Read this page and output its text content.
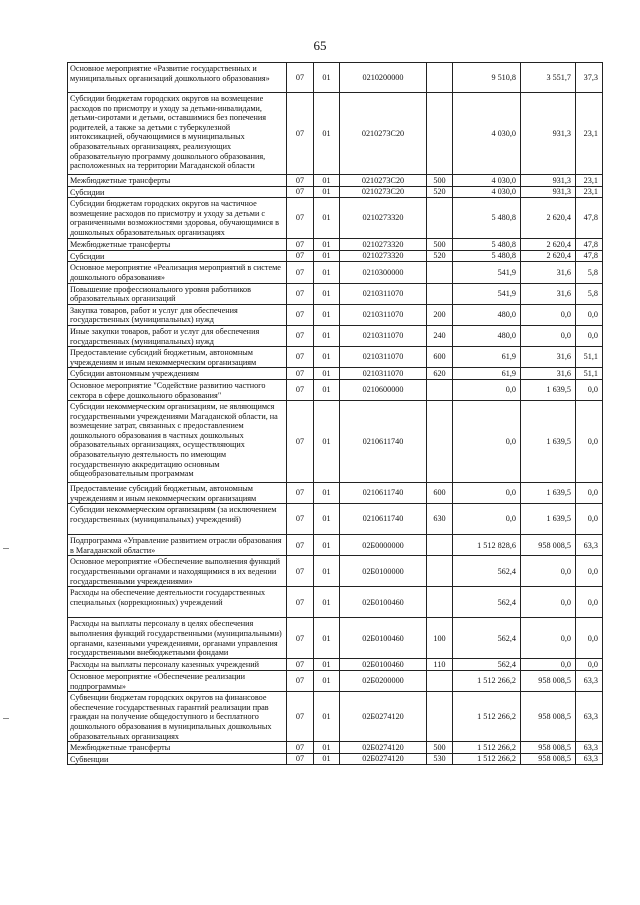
65
Основное мероприятие «Развитие государственных и муниципальных организаций дошкольного образования»	07	01	0210200000		9 510,8	3 551,7	37,3
Субсидии бюджетам городских округов на возмещение расходов по присмотру и уходу за детьми-инвалидами, детьми-сиротами и детьми, оставшимися без попечения родителей, а также за детьми с туберкулезной интоксикацией, обучающимися в муниципальных образовательных организациях, реализующих образовательную программу дошкольного образования, расположенных на территории Магаданской области	07	01	0210273С20		4 030,0	931,3	23,1
Межбюджетные трансферты	07	01	0210273С20	500	4 030,0	931,3	23,1
Субсидии	07	01	0210273С20	520	4 030,0	931,3	23,1
Субсидии бюджетам городских округов на частичное возмещение расходов по присмотру и уходу за детьми с ограниченными возможностями здоровья, обучающимися в дошкольных образовательных организациях	07	01	0210273320		5 480,8	2 620,4	47,8
Межбюджетные трансферты	07	01	0210273320	500	5 480,8	2 620,4	47,8
Субсидии	07	01	0210273320	520	5 480,8	2 620,4	47,8
Основное мероприятие «Реализация мероприятий в системе дошкольного образования»	07	01	0210300000		541,9	31,6	5,8
Повышение профессионального уровня работников образовательных организаций	07	01	0210311070		541,9	31,6	5,8
Закупка товаров, работ и услуг для обеспечения государственных (муниципальных) нужд	07	01	0210311070	200	480,0	0,0	0,0
Иные закупки товаров, работ и услуг для обеспечения государственных (муниципальных) нужд	07	01	0210311070	240	480,0	0,0	0,0
Предоставление субсидий бюджетным, автономным учреждениям и иным некоммерческим организациям	07	01	0210311070	600	61,9	31,6	51,1
Субсидии автономным учреждениям	07	01	0210311070	620	61,9	31,6	51,1
Основное мероприятие "Содействие развитию частного сектора в сфере дошкольного образования"	07	01	0210600000		0,0	1 639,5	0,0
Субсидии некоммерческим организациям, не являющимся государственными учреждениями Магаданской области, на возмещение затрат, связанных с предоставлением дошкольного образования в частных дошкольных образовательных организациях, осуществляющих образовательную деятельность по имеющим государственную аккредитацию основным общеобразовательным программам	07	01	0210611740		0,0	1 639,5	0,0
Предоставление субсидий бюджетным, автономным учреждениям и иным некоммерческим организациям	07	01	0210611740	600	0,0	1 639,5	0,0
Субсидии некоммерческим организациям (за исключением государственных (муниципальных) учреждений)	07	01	0210611740	630	0,0	1 639,5	0,0
Подпрограмма «Управление развитием отрасли образования в Магаданской области»	07	01	02Б0000000		1 512 828,6	958 008,5	63,3
Основное мероприятие «Обеспечение выполнения функций государственными органами и находящимися в их ведении государственными учреждениями»	07	01	02Б0100000		562,4	0,0	0,0
Расходы на обеспечение деятельности государственных специальных (коррекционных) учреждений	07	01	02Б0100460		562,4	0,0	0,0
Расходы на выплаты персоналу в целях обеспечения выполнения функций государственными (муниципальными) органами, казенными учреждениями, органами управления государственными внебюджетными фондами	07	01	02Б0100460	100	562,4	0,0	0,0
Расходы на выплаты персоналу казенных учреждений	07	01	02Б0100460	110	562,4	0,0	0,0
Основное мероприятие «Обеспечение реализации подпрограммы»	07	01	02Б0200000		1 512 266,2	958 008,5	63,3
Субвенции бюджетам городских округов на финансовое обеспечение государственных гарантий реализации прав граждан на получение общедоступного и бесплатного дошкольного образования в муниципальных дошкольных образовательных организациях	07	01	02Б0274120		1 512 266,2	958 008,5	63,3
Межбюджетные трансферты	07	01	02Б0274120	500	1 512 266,2	958 008,5	63,3
Субвенции	07	01	02Б0274120	530	1 512 266,2	958 008,5	63,3
